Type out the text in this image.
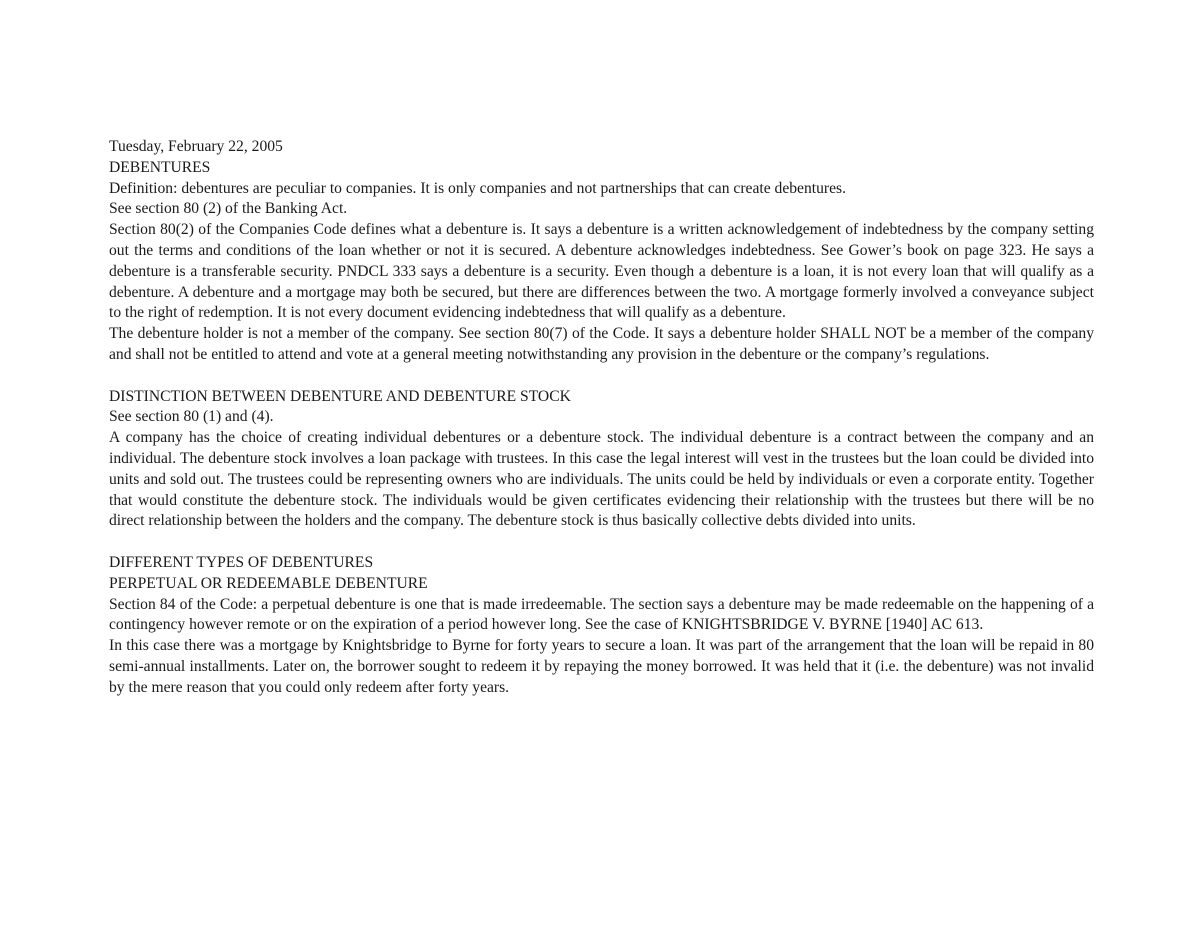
Tuesday, February 22, 2005

DEBENTURES

Definition: debentures are peculiar to companies. It is only companies and not partnerships that can create debentures.

See section 80 (2) of the Banking Act.

Section 80(2) of the Companies Code defines what a debenture is. It says a debenture is a written acknowledgement of indebtedness by the company setting out the terms and conditions of the loan whether or not it is secured. A debenture acknowledges indebtedness. See Gower’s book on page 323. He says a debenture is a transferable security. PNDCL 333 says a debenture is a security. Even though a debenture is a loan, it is not every loan that will qualify as a debenture. A debenture and a mortgage may both be secured, but there are differences between the two. A mortgage formerly involved a conveyance subject to the right of redemption. It is not every document evidencing indebtedness that will qualify as a debenture.

The debenture holder is not a member of the company. See section 80(7) of the Code. It says a debenture holder SHALL NOT be a member of the company and shall not be entitled to attend and vote at a general meeting notwithstanding any provision in the debenture or the company’s regulations.

DISTINCTION BETWEEN DEBENTURE AND DEBENTURE STOCK

See section 80 (1) and (4).

A company has the choice of creating individual debentures or a debenture stock. The individual debenture is a contract between the company and an individual. The debenture stock involves a loan package with trustees. In this case the legal interest will vest in the trustees but the loan could be divided into units and sold out. The trustees could be representing owners who are individuals. The units could be held by individuals or even a corporate entity. Together that would constitute the debenture stock. The individuals would be given certificates evidencing their relationship with the trustees but there will be no direct relationship between the holders and the company. The debenture stock is thus basically collective debts divided into units.

DIFFERENT TYPES OF DEBENTURES

PERPETUAL OR REDEEMABLE DEBENTURE

Section 84 of the Code: a perpetual debenture is one that is made irredeemable. The section says a debenture may be made redeemable on the happening of a contingency however remote or on the expiration of a period however long. See the case of KNIGHTSBRIDGE V. BYRNE [1940] AC 613.

In this case there was a mortgage by Knightsbridge to Byrne for forty years to secure a loan. It was part of the arrangement that the loan will be repaid in 80 semi-annual installments. Later on, the borrower sought to redeem it by repaying the money borrowed. It was held that it (i.e. the debenture) was not invalid by the mere reason that you could only redeem after forty years.
